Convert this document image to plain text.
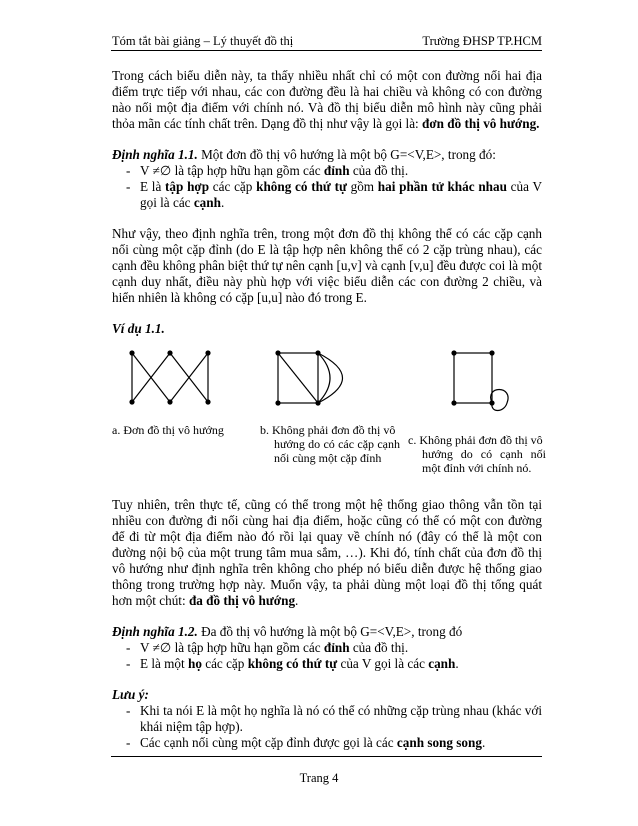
Tóm tắt bài giảng – Lý thuyết đồ thị	Trường ĐHSP TP.HCM

Trong cách biểu diễn này, ta thấy nhiều nhất chỉ có một con đường nối hai địa điểm trực tiếp với nhau, các con đường đều là hai chiều và không có con đường nào nối một địa điểm với chính nó. Và đồ thị biểu diễn mô hình này cũng phải thỏa mãn các tính chất trên. Dạng đồ thị như vậy là gọi là: đơn đồ thị vô hướng.

Định nghĩa 1.1. Một đơn đồ thị vô hướng là một bộ G=<V,E>, trong đó:

- V ≠∅ là tập hợp hữu hạn gồm các đỉnh của đồ thị.
- E là tập hợp các cặp không có thứ tự gồm hai phần tử khác nhau của V gọi là các cạnh.

Như vậy, theo định nghĩa trên, trong một đơn đồ thị không thể có các cặp cạnh nối cùng một cặp đỉnh (do E là tập hợp nên không thể có 2 cặp trùng nhau), các cạnh đều không phân biệt thứ tự nên cạnh [u,v] và cạnh [v,u] đều được coi là một cạnh duy nhất, điều này phù hợp với việc biểu diễn các con đường 2 chiều, và hiển nhiên là không có cặp [u,u] nào đó trong E.

Ví dụ 1.1.

a. Đơn đồ thị vô hướng	b. Không phải đơn đồ thị vô
hướng do có các cặp cạnh nối cùng một cặp đỉnh
c. Không phải đơn đồ thị vô
hướng do có cạnh nối một đỉnh với chính nó.

Tuy nhiên, trên thực tế, cũng có thể trong một hệ thống giao thông vẫn tồn tại nhiều con đường đi nối cùng hai địa điểm, hoặc cũng có thể có một con đường để đi từ một địa điểm nào đó rồi lại quay về chính nó (đây có thể là một con đường nội bộ của một trung tâm mua sắm, …). Khi đó, tính chất của đơn đồ thị vô hướng như định nghĩa trên không cho phép nó biểu diễn được hệ thống giao thông trong trường hợp này. Muốn vậy, ta phải dùng một loại đồ thị tổng quát hơn một chút: đa đồ thị vô hướng.

Định nghĩa 1.2. Đa đồ thị vô hướng là một bộ G=<V,E>, trong đó

- V ≠∅ là tập hợp hữu hạn gồm các đỉnh của đồ thị.
- E là một họ các cặp không có thứ tự của V gọi là các cạnh.

Lưu ý:

- Khi ta nói E là một họ nghĩa là nó có thể có những cặp trùng nhau (khác với khái niệm tập hợp).
- Các cạnh nối cùng một cặp đỉnh được gọi là các cạnh song song.
Trang 4
